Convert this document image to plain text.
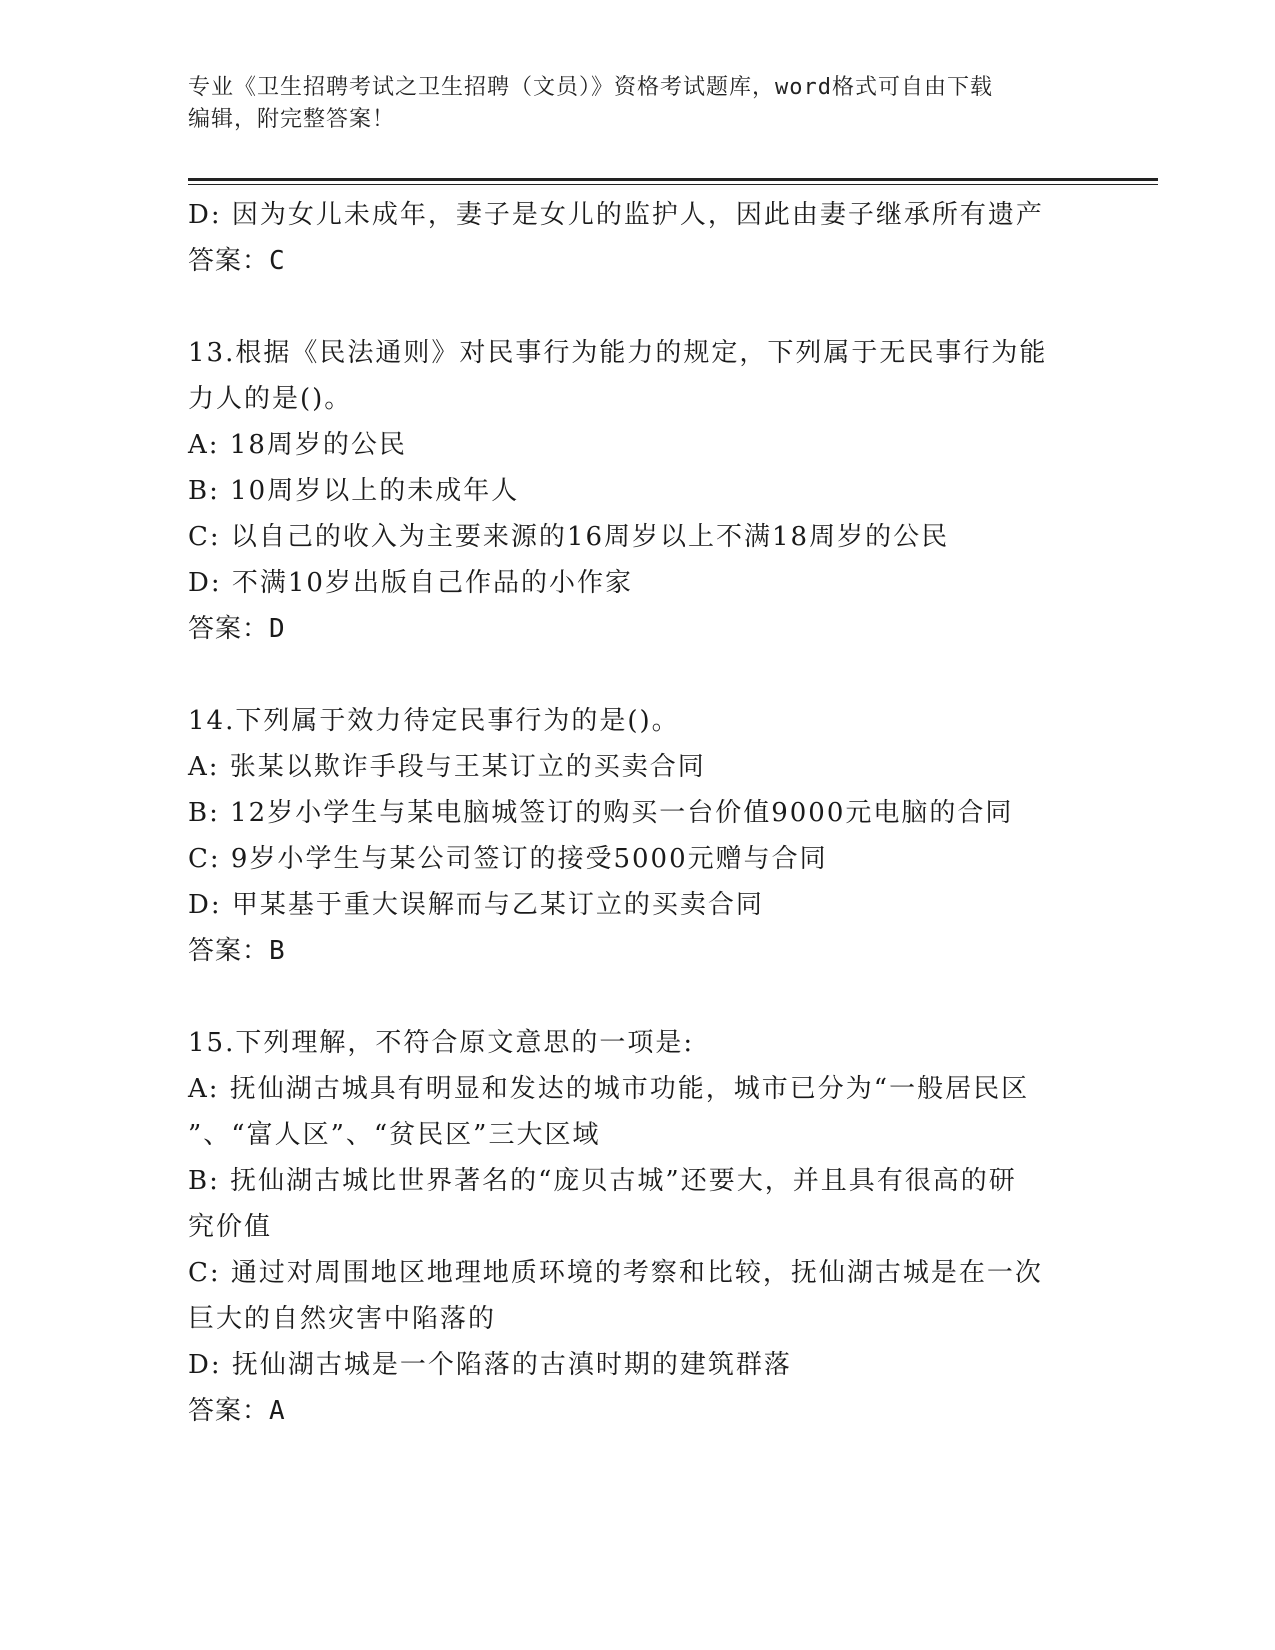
专业《卫生招聘考试之卫生招聘（文员）》资格考试题库，word格式可自由下载
编辑，附完整答案！
D: 因为女儿未成年，妻子是女儿的监护人，因此由妻子继承所有遗产
答案：C
13.根据《民法通则》对民事行为能力的规定，下列属于无民事行为能
力人的是()。
A: 18周岁的公民
B: 10周岁以上的未成年人
C: 以自己的收入为主要来源的16周岁以上不满18周岁的公民
D: 不满10岁出版自己作品的小作家
答案：D
14.下列属于效力待定民事行为的是()。
A: 张某以欺诈手段与王某订立的买卖合同
B: 12岁小学生与某电脑城签订的购买一台价值9000元电脑的合同
C: 9岁小学生与某公司签订的接受5000元赠与合同
D: 甲某基于重大误解而与乙某订立的买卖合同
答案：B
15.下列理解，不符合原文意思的一项是:
A: 抚仙湖古城具有明显和发达的城市功能，城市已分为“一般居民区
”、“富人区”、“贫民区”三大区域
B: 抚仙湖古城比世界著名的“庞贝古城”还要大，并且具有很高的研
究价值
C: 通过对周围地区地理地质环境的考察和比较，抚仙湖古城是在一次
巨大的自然灾害中陷落的
D: 抚仙湖古城是一个陷落的古滇时期的建筑群落
答案：A
